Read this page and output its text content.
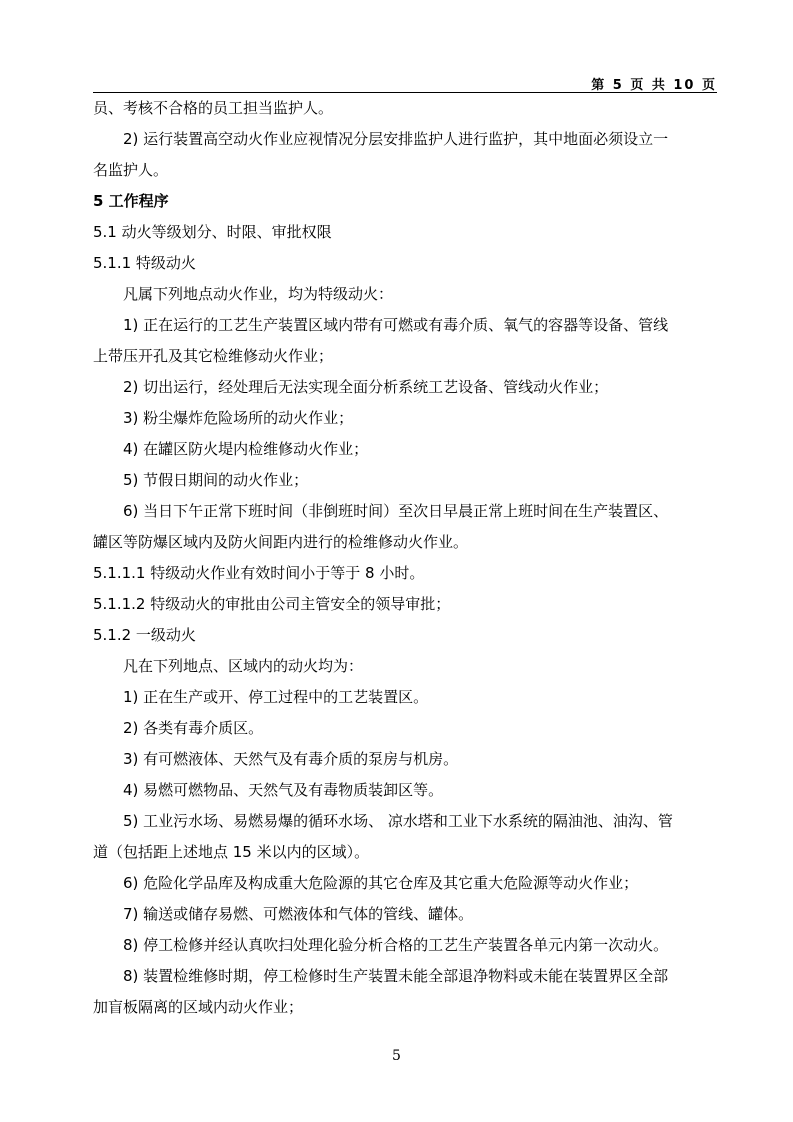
第 5 页 共 10 页
员、考核不合格的员工担当监护人。
2) 运行装置高空动火作业应视情况分层安排监护人进行监护，其中地面必须设立一
名监护人。
5 工作程序
5.1 动火等级划分、时限、审批权限
5.1.1 特级动火
凡属下列地点动火作业，均为特级动火：
1) 正在运行的工艺生产装置区域内带有可燃或有毒介质、氧气的容器等设备、管线
上带压开孔及其它检维修动火作业；
2) 切出运行，经处理后无法实现全面分析系统工艺设备、管线动火作业；
3) 粉尘爆炸危险场所的动火作业；
4) 在罐区防火堤内检维修动火作业；
5) 节假日期间的动火作业；
6) 当日下午正常下班时间（非倒班时间）至次日早晨正常上班时间在生产装置区、
罐区等防爆区域内及防火间距内进行的检维修动火作业。
5.1.1.1 特级动火作业有效时间小于等于 8 小时。
5.1.1.2 特级动火的审批由公司主管安全的领导审批；
5.1.2 一级动火
凡在下列地点、区域内的动火均为：
1) 正在生产或开、停工过程中的工艺装置区。
2) 各类有毒介质区。
3) 有可燃液体、天然气及有毒介质的泵房与机房。
4) 易燃可燃物品、天然气及有毒物质装卸区等。
5) 工业污水场、易燃易爆的循环水场、 凉水塔和工业下水系统的隔油池、油沟、管
道（包括距上述地点 15 米以内的区域）。
6) 危险化学品库及构成重大危险源的其它仓库及其它重大危险源等动火作业；
7) 输送或储存易燃、可燃液体和气体的管线、罐体。
8) 停工检修并经认真吹扫处理化验分析合格的工艺生产装置各单元内第一次动火。
8) 装置检维修时期，停工检修时生产装置未能全部退净物料或未能在装置界区全部
加盲板隔离的区域内动火作业；
5
